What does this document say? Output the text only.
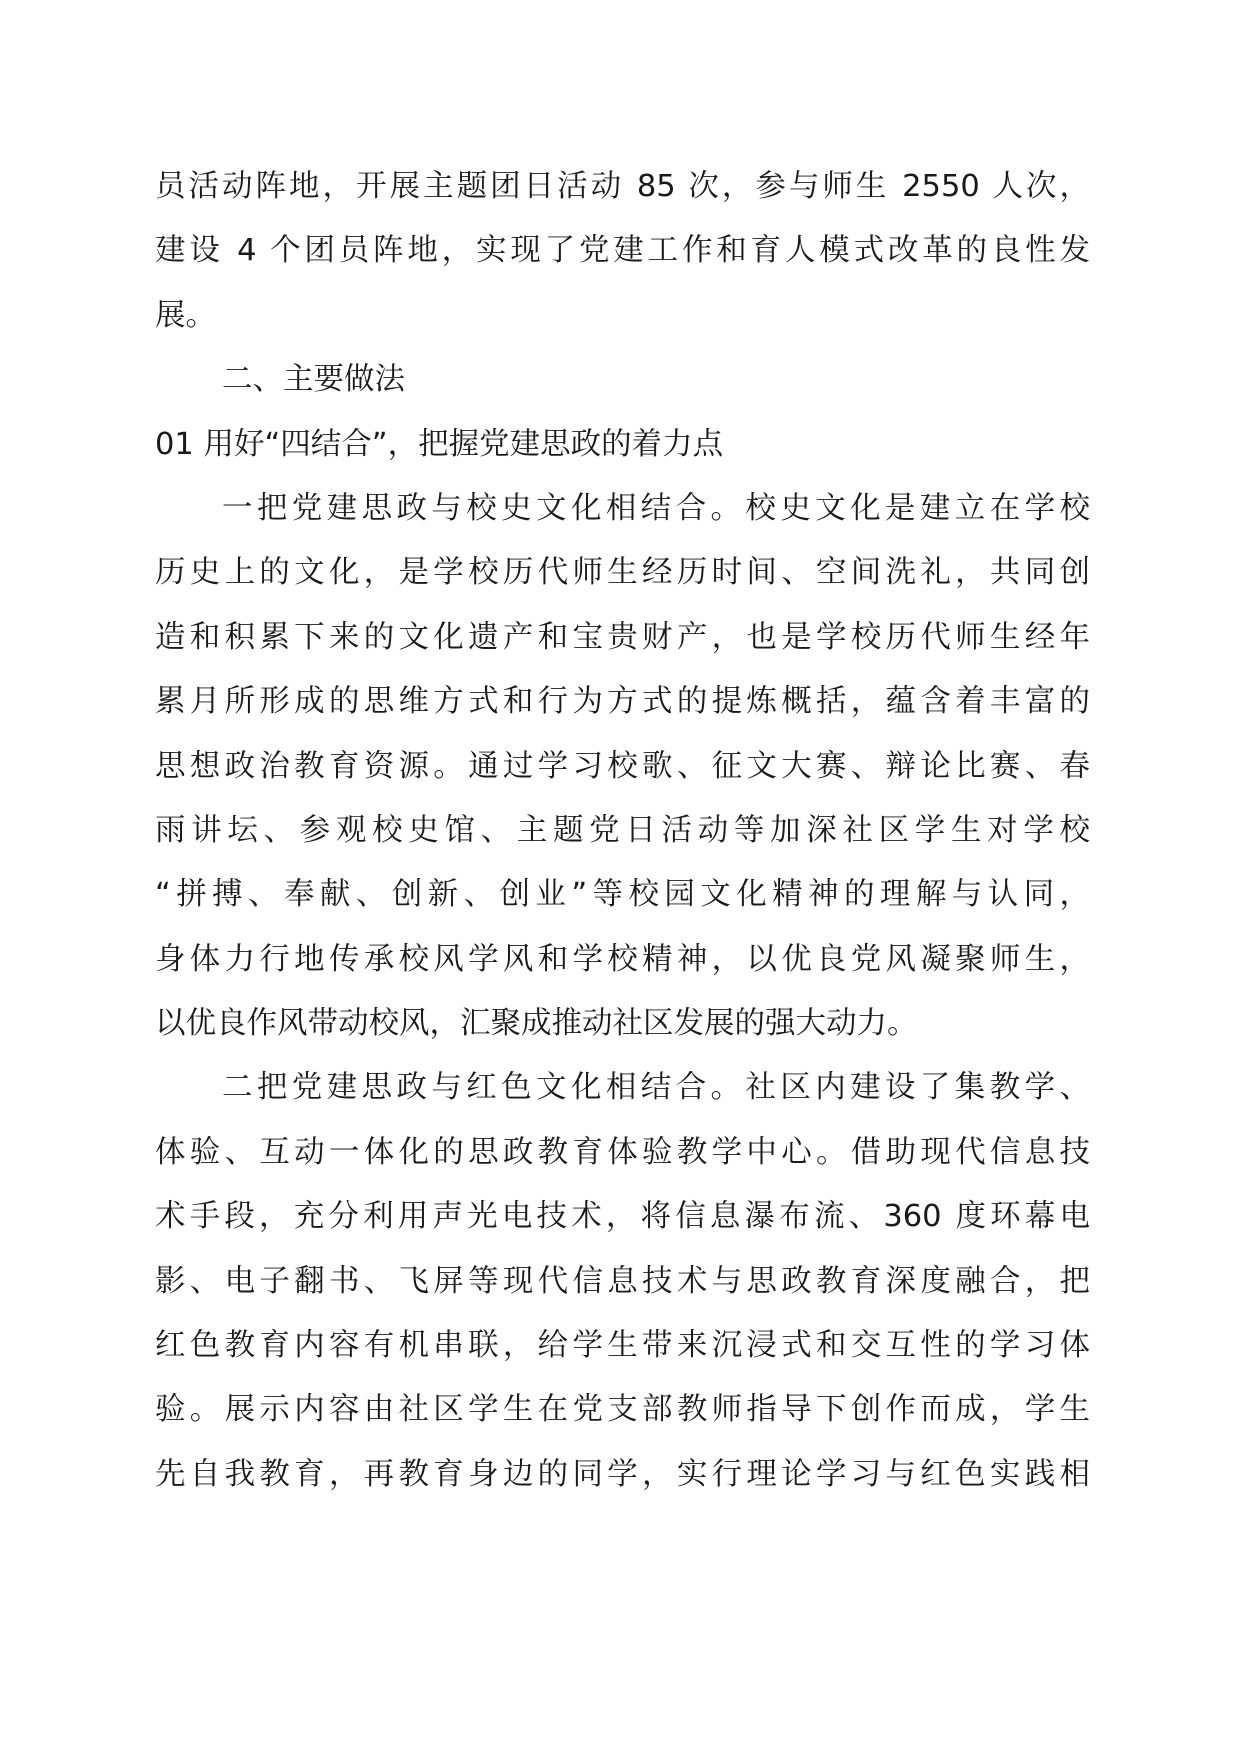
员活动阵地，开展主题团日活动 85 次，参与师生 2550 人次，
建设 4 个团员阵地，实现了党建工作和育人模式改革的良性发
展。
二、主要做法
01 用好“四结合”，把握党建思政的着力点
一把党建思政与校史文化相结合。校史文化是建立在学校
历史上的文化，是学校历代师生经历时间、空间洗礼，共同创
造和积累下来的文化遗产和宝贵财产，也是学校历代师生经年
累月所形成的思维方式和行为方式的提炼概括，蕴含着丰富的
思想政治教育资源。通过学习校歌、征文大赛、辩论比赛、春
雨讲坛、参观校史馆、主题党日活动等加深社区学生对学校
“拼搏、奉献、创新、创业”等校园文化精神的理解与认同，
身体力行地传承校风学风和学校精神，以优良党风凝聚师生，
以优良作风带动校风，汇聚成推动社区发展的强大动力。
二把党建思政与红色文化相结合。社区内建设了集教学、
体验、互动一体化的思政教育体验教学中心。借助现代信息技
术手段，充分利用声光电技术，将信息瀑布流、360 度环幕电
影、电子翻书、飞屏等现代信息技术与思政教育深度融合，把
红色教育内容有机串联，给学生带来沉浸式和交互性的学习体
验。展示内容由社区学生在党支部教师指导下创作而成，学生
先自我教育，再教育身边的同学，实行理论学习与红色实践相
